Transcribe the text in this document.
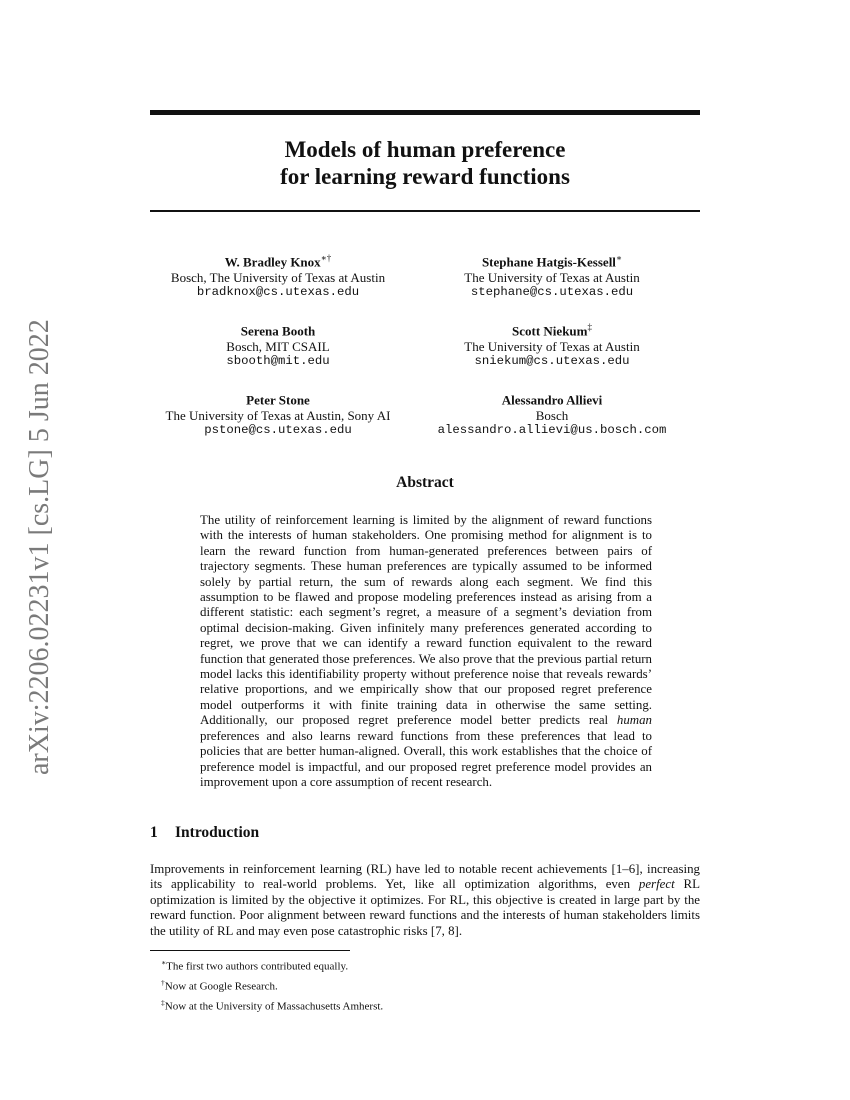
arXiv:2206.02231v1 [cs.LG] 5 Jun 2022
Models of human preference
for learning reward functions
W. Bradley Knox∗†
Bosch, The University of Texas at Austin
bradknox@cs.utexas.edu
Stephane Hatgis-Kessell∗
The University of Texas at Austin
stephane@cs.utexas.edu
Serena Booth
Bosch, MIT CSAIL
sbooth@mit.edu
Scott Niekum‡
The University of Texas at Austin
sniekum@cs.utexas.edu
Peter Stone
The University of Texas at Austin, Sony AI
pstone@cs.utexas.edu
Alessandro Allievi
Bosch
alessandro.allievi@us.bosch.com
Abstract
The utility of reinforcement learning is limited by the alignment of reward functions with the interests of human stakeholders. One promising method for alignment is to learn the reward function from human-generated preferences between pairs of trajectory segments. These human preferences are typically assumed to be informed solely by partial return, the sum of rewards along each segment. We find this assumption to be flawed and propose modeling preferences instead as arising from a different statistic: each segment’s regret, a measure of a segment’s deviation from optimal decision-making. Given infinitely many preferences generated according to regret, we prove that we can identify a reward function equivalent to the reward function that generated those preferences. We also prove that the previous partial return model lacks this identifiability property without preference noise that reveals rewards’ relative proportions, and we empirically show that our proposed regret preference model outperforms it with finite training data in otherwise the same setting. Additionally, our proposed regret preference model better predicts real human preferences and also learns reward functions from these preferences that lead to policies that are better human-aligned. Overall, this work establishes that the choice of preference model is impactful, and our proposed regret preference model provides an improvement upon a core assumption of recent research.
1 Introduction
Improvements in reinforcement learning (RL) have led to notable recent achievements [1–6], increasing its applicability to real-world problems. Yet, like all optimization algorithms, even perfect RL optimization is limited by the objective it optimizes. For RL, this objective is created in large part by the reward function. Poor alignment between reward functions and the interests of human stakeholders limits the utility of RL and may even pose catastrophic risks [7, 8].
∗The first two authors contributed equally.
†Now at Google Research.
‡Now at the University of Massachusetts Amherst.
